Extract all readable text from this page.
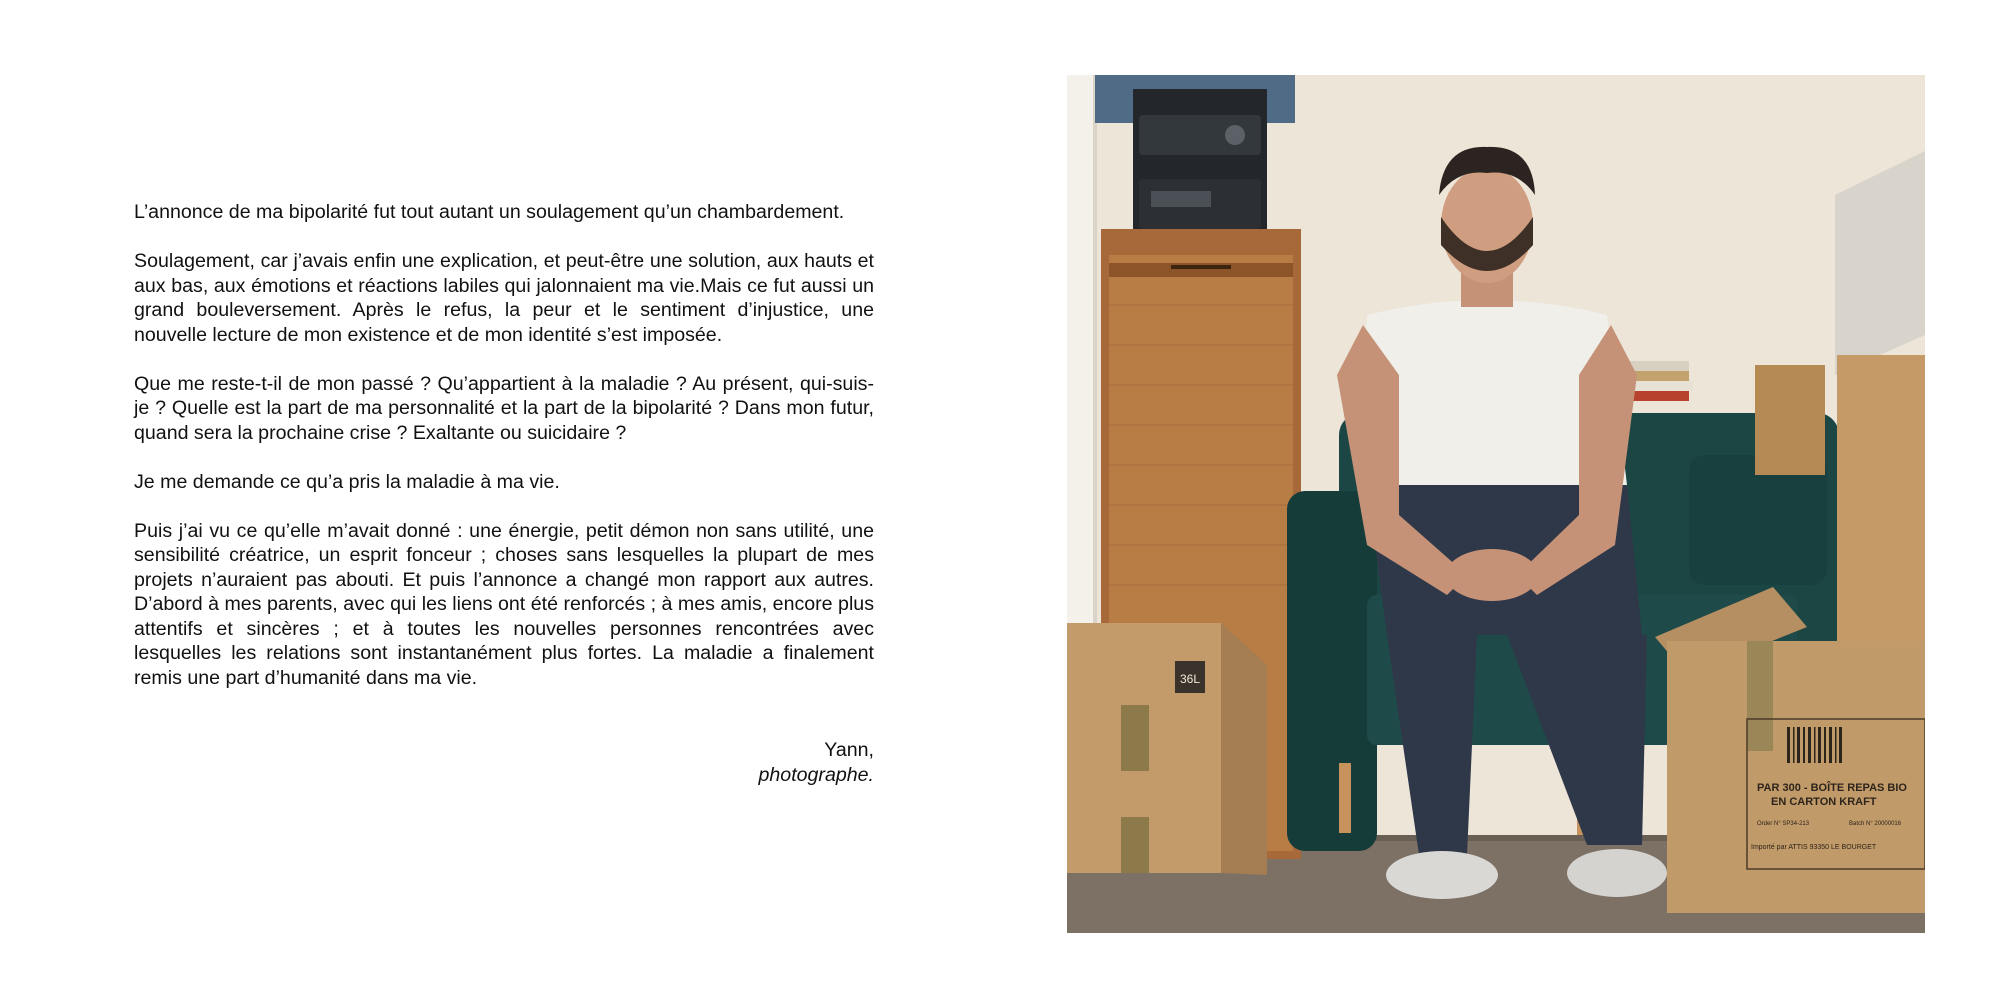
L’annonce de ma bipolarité fut tout autant un soulagement qu’un chambardement.

Soulagement, car j’avais enfin une explication, et peut-être une solution, aux hauts et aux bas, aux émotions et réactions labiles qui jalonnaient ma vie.Mais ce fut aussi un grand bouleversement. Après le refus, la peur et le sentiment d’injustice, une nouvelle lecture de mon existence et de mon identité s’est imposée.

Que me reste-t-il de mon passé ? Qu’appartient à la maladie ? Au présent, qui-suis-je ? Quelle est la part de ma personnalité et la part de la bipolarité ? Dans mon futur, quand sera la prochaine crise ? Exaltante ou suicidaire ?

Je me demande ce qu’a pris la maladie à ma vie.

Puis j’ai vu ce qu’elle m’avait donné : une énergie, petit démon non sans utilité, une sensibilité créatrice, un esprit fonceur ; choses sans lesquelles la plupart de mes projets n’auraient pas abouti. Et puis l’annonce a changé mon rapport aux autres. D’abord à mes parents, avec qui les liens ont été renforcés ; à mes amis, encore plus attentifs et sincères ; et à toutes les nouvelles personnes rencontrées avec lesquelles les relations sont instantanément plus fortes. La maladie a finalement remis une part d’humanité dans ma vie.

Yann,
photographe.
36L
PAR 300 - BOÎTE REPAS BIO
EN CARTON KRAFT
Order N° SP34-213	Batch N° 20000016
Importé par ATTIS 93350 LE BOURGET
